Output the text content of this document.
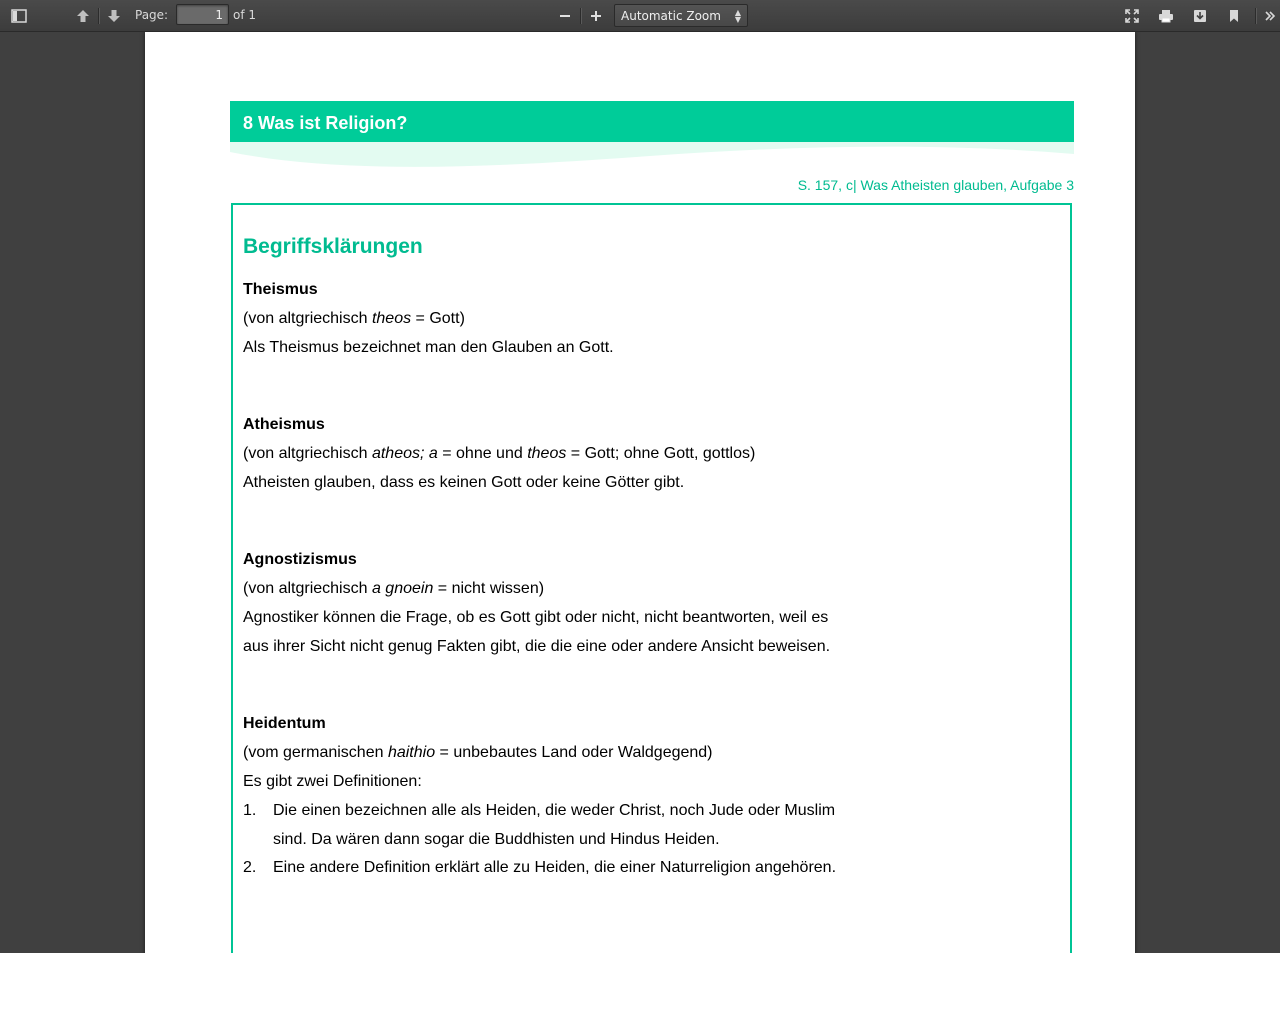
Page:
1	of 1	Automatic Zoom ▲
▼
8 Was ist Religion?
S. 157, c| Was Atheisten glauben, Aufgabe 3
Begriffsklärungen
Theismus
(von altgriechisch theos = Gott)
Als Theismus bezeichnet man den Glauben an Gott.
Atheismus
(von altgriechisch atheos; a = ohne und theos = Gott; ohne Gott, gottlos)
Atheisten glauben, dass es keinen Gott oder keine Götter gibt.
Agnostizismus
(von altgriechisch a gnoein = nicht wissen)
Agnostiker können die Frage, ob es Gott gibt oder nicht, nicht beantworten, weil es
aus ihrer Sicht nicht genug Fakten gibt, die die eine oder andere Ansicht beweisen.
Heidentum
(vom germanischen haithio = unbebautes Land oder Waldgegend)
Es gibt zwei Definitionen:
1. Die einen bezeichnen alle als Heiden, die weder Christ, noch Jude oder Muslim
sind. Da wären dann sogar die Buddhisten und Hindus Heiden.
2. Eine andere Definition erklärt alle zu Heiden, die einer Naturreligion angehören.
